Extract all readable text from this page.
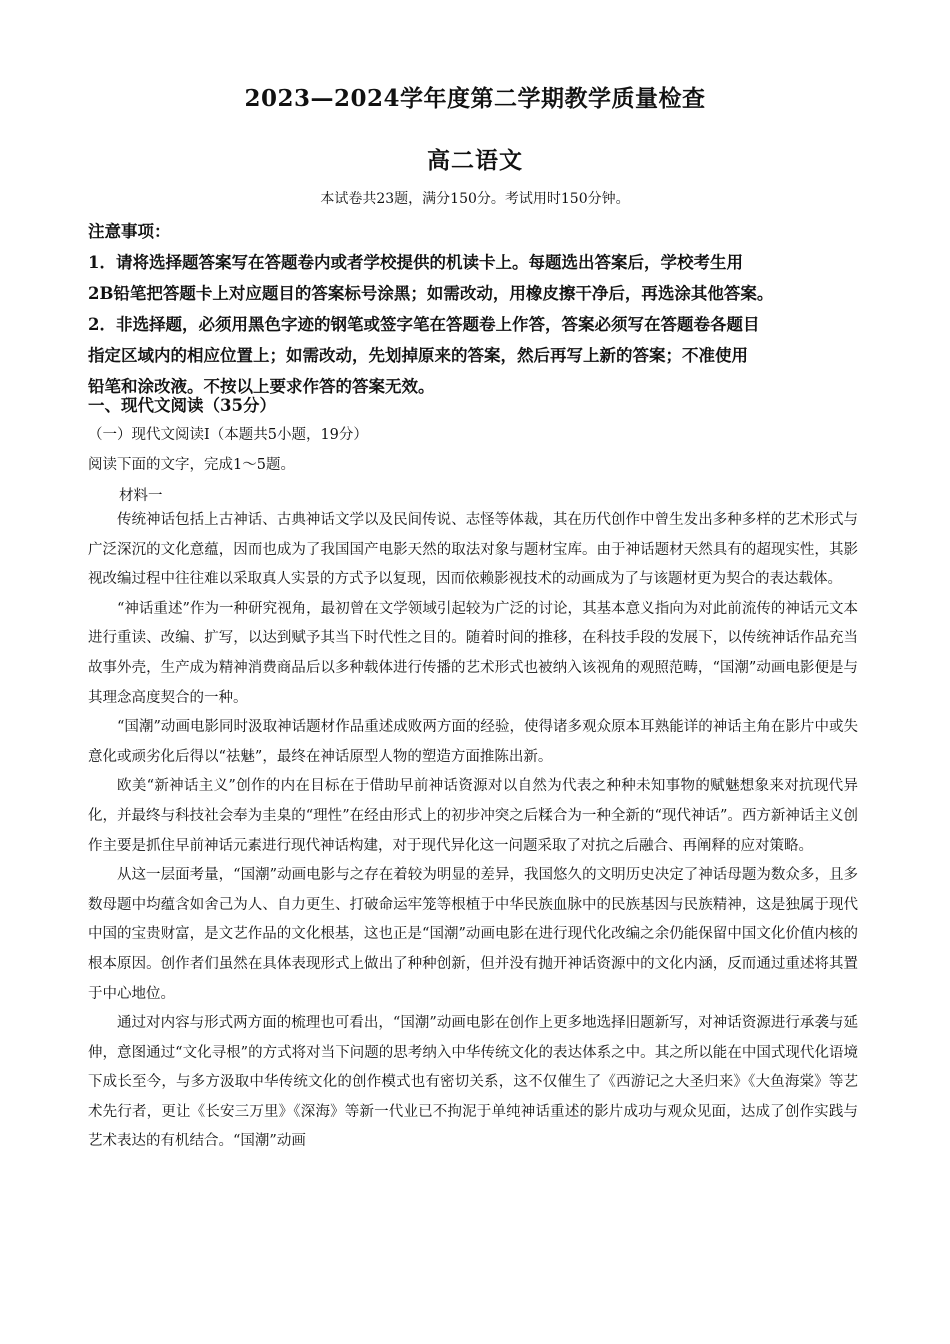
2023—2024学年度第二学期教学质量检查
高二语文
本试卷共23题，满分150分。考试用时150分钟。
注意事项：
1．请将选择题答案写在答题卷内或者学校提供的机读卡上。每题选出答案后，学校考生用
2B铅笔把答题卡上对应题目的答案标号涂黑；如需改动，用橡皮擦干净后，再选涂其他答案。
2．非选择题，必须用黑色字迹的钢笔或签字笔在答题卷上作答，答案必须写在答题卷各题目
指定区域内的相应位置上；如需改动，先划掉原来的答案，然后再写上新的答案；不准使用
铅笔和涂改液。不按以上要求作答的答案无效。
一、现代文阅读（35分）
（一）现代文阅读Ⅰ（本题共5小题，19分）
阅读下面的文字，完成1～5题。
材料一

传统神话包括上古神话、古典神话文学以及民间传说、志怪等体裁，其在历代创作中曾生发出多种多样的艺术形式与广泛深沉的文化意蕴，因而也成为了我国国产电影天然的取法对象与题材宝库。由于神话题材天然具有的超现实性，其影视改编过程中往往难以采取真人实景的方式予以复现，因而依赖影视技术的动画成为了与该题材更为契合的表达载体。

“神话重述”作为一种研究视角，最初曾在文学领域引起较为广泛的讨论，其基本意义指向为对此前流传的神话元文本进行重读、改编、扩写，以达到赋予其当下时代性之目的。随着时间的推移，在科技手段的发展下，以传统神话作品充当故事外壳，生产成为精神消费商品后以多种载体进行传播的艺术形式也被纳入该视角的观照范畴，“国潮”动画电影便是与其理念高度契合的一种。

“国潮”动画电影同时汲取神话题材作品重述成败两方面的经验，使得诸多观众原本耳熟能详的神话主角在影片中或失意化或顽劣化后得以“祛魅”，最终在神话原型人物的塑造方面推陈出新。

欧美“新神话主义”创作的内在目标在于借助早前神话资源对以自然为代表之种种未知事物的赋魅想象来对抗现代异化，并最终与科技社会奉为圭臬的“理性”在经由形式上的初步冲突之后糅合为一种全新的“现代神话”。西方新神话主义创作主要是抓住早前神话元素进行现代神话构建，对于现代异化这一问题采取了对抗之后融合、再阐释的应对策略。

从这一层面考量，“国潮”动画电影与之存在着较为明显的差异，我国悠久的文明历史决定了神话母题为数众多，且多数母题中均蕴含如舍己为人、自力更生、打破命运牢笼等根植于中华民族血脉中的民族基因与民族精神，这是独属于现代中国的宝贵财富，是文艺作品的文化根基，这也正是“国潮”动画电影在进行现代化改编之余仍能保留中国文化价值内核的根本原因。创作者们虽然在具体表现形式上做出了种种创新，但并没有抛开神话资源中的文化内涵，反而通过重述将其置于中心地位。

通过对内容与形式两方面的梳理也可看出，“国潮”动画电影在创作上更多地选择旧题新写，对神话资源进行承袭与延伸，意图通过“文化寻根”的方式将对当下问题的思考纳入中华传统文化的表达体系之中。其之所以能在中国式现代化语境下成长至今，与多方汲取中华传统文化的创作模式也有密切关系，这不仅催生了《西游记之大圣归来》《大鱼海棠》等艺术先行者，更让《长安三万里》《深海》等新一代业已不拘泥于单纯神话重述的影片成功与观众见面，达成了创作实践与艺术表达的有机结合。“国潮”动画
